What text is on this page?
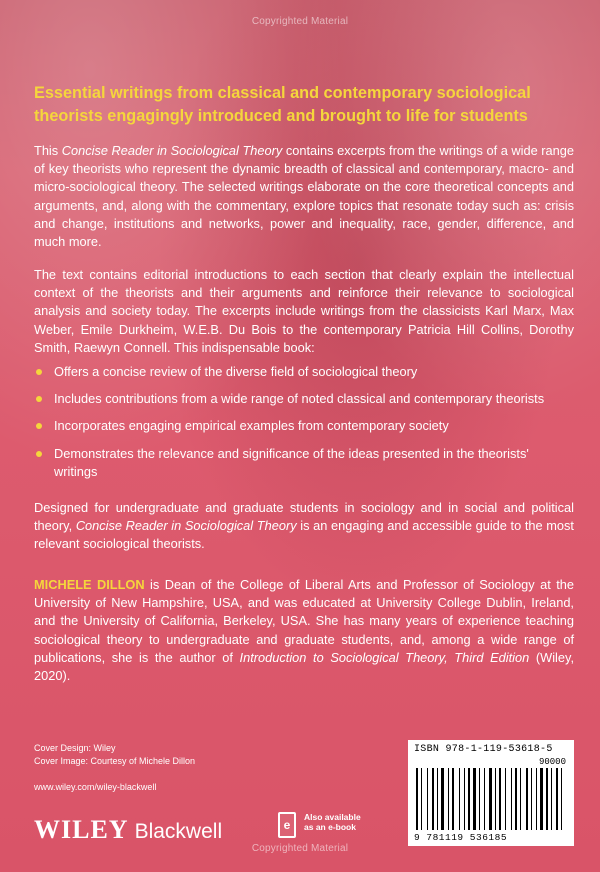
Copyrighted Material
Essential writings from classical and contemporary sociological theorists engagingly introduced and brought to life for students

This Concise Reader in Sociological Theory contains excerpts from the writings of a wide range of key theorists who represent the dynamic breadth of classical and contemporary, macro- and micro-sociological theory. The selected writings elaborate on the core theoretical concepts and arguments, and, along with the commentary, explore topics that resonate today such as: crisis and change, institutions and networks, power and inequality, race, gender, difference, and much more.

The text contains editorial introductions to each section that clearly explain the intellectual context of the theorists and their arguments and reinforce their relevance to sociological analysis and society today. The excerpts include writings from the classicists Karl Marx, Max Weber, Emile Durkheim, W.E.B. Du Bois to the contemporary Patricia Hill Collins, Dorothy Smith, Raewyn Connell. This indispensable book:

Offers a concise review of the diverse field of sociological theory
Includes contributions from a wide range of noted classical and contemporary theorists
Incorporates engaging empirical examples from contemporary society
Demonstrates the relevance and significance of the ideas presented in the theorists' writings

Designed for undergraduate and graduate students in sociology and in social and political theory, Concise Reader in Sociological Theory is an engaging and accessible guide to the most relevant sociological theorists.

MICHELE DILLON is Dean of the College of Liberal Arts and Professor of Sociology at the University of New Hampshire, USA, and was educated at University College Dublin, Ireland, and the University of California, Berkeley, USA. She has many years of experience teaching sociological theory to undergraduate and graduate students, and, among a wide range of publications, she is the author of Introduction to Sociological Theory, Third Edition (Wiley, 2020).

Cover Design: Wiley
Cover Image: Courtesy of Michele Dillon
www.wiley.com/wiley-blackwell
WILEY Blackwell	e
Also available
as an e-book
ISBN 978-1-119-53618-5
90000
9 781119 536185
Copyrighted Material
